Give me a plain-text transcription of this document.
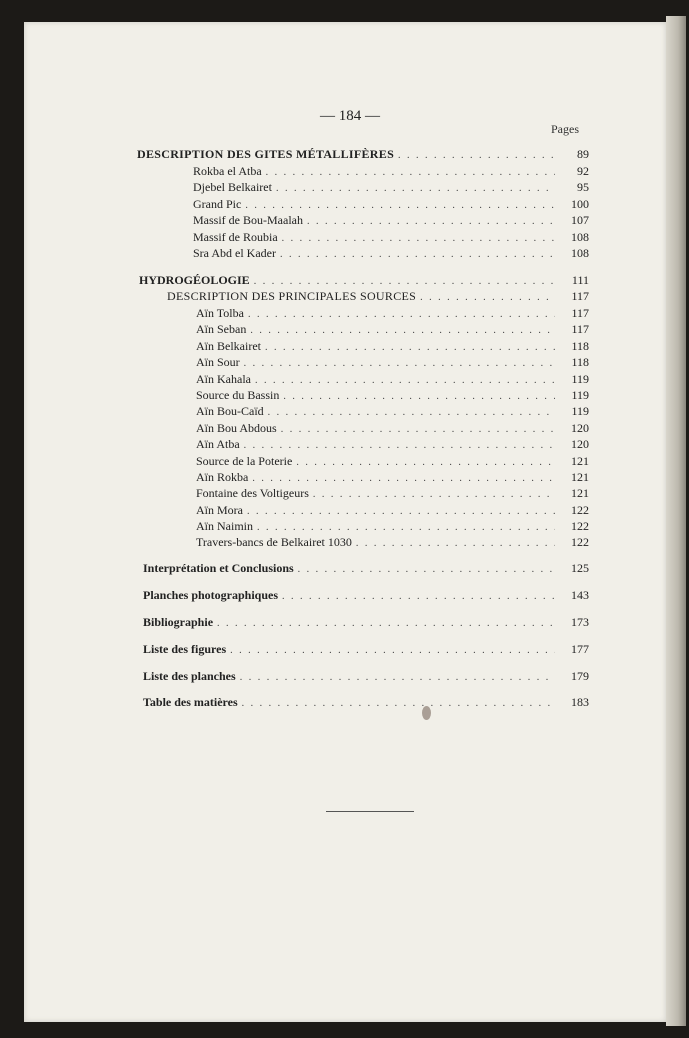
— 184 —
Pages
DESCRIPTION DES GITES MÉTALLIFÈRES . . .	89
Rokba el Atba . . .	92
Djebel Belkairet . . .	95
Grand Pic . . .	100
Massif de Bou-Maalah . . .	107
Massif de Roubia . . .	108
Sra Abd el Kader . . .	108
HYDROGÉOLOGIE . . .	111
DESCRIPTION DES PRINCIPALES SOURCES . . .	117
Aïn Tolba . . .	117
Aïn Seban . . .	117
Aïn Belkairet . . .	118
Aïn Sour . . .	118
Aïn Kahala . . .	119
Source du Bassin . . .	119
Aïn Bou-Caïd . . .	119
Aïn Bou Abdous . . .	120
Aïn Atba . . .	120
Source de la Poterie . . .	121
Aïn Rokba . . .	121
Fontaine des Voltigeurs . . .	121
Aïn Mora . . .	122
Aïn Naimin . . .	122
Travers-bancs de Belkairet 1030 . . .	122
Interprétation et Conclusions . . .	125
Planches photographiques . . .	143
Bibliographie . . .	173
Liste des figures . . .	177
Liste des planches . . .	179
Table des matières . . .	183
